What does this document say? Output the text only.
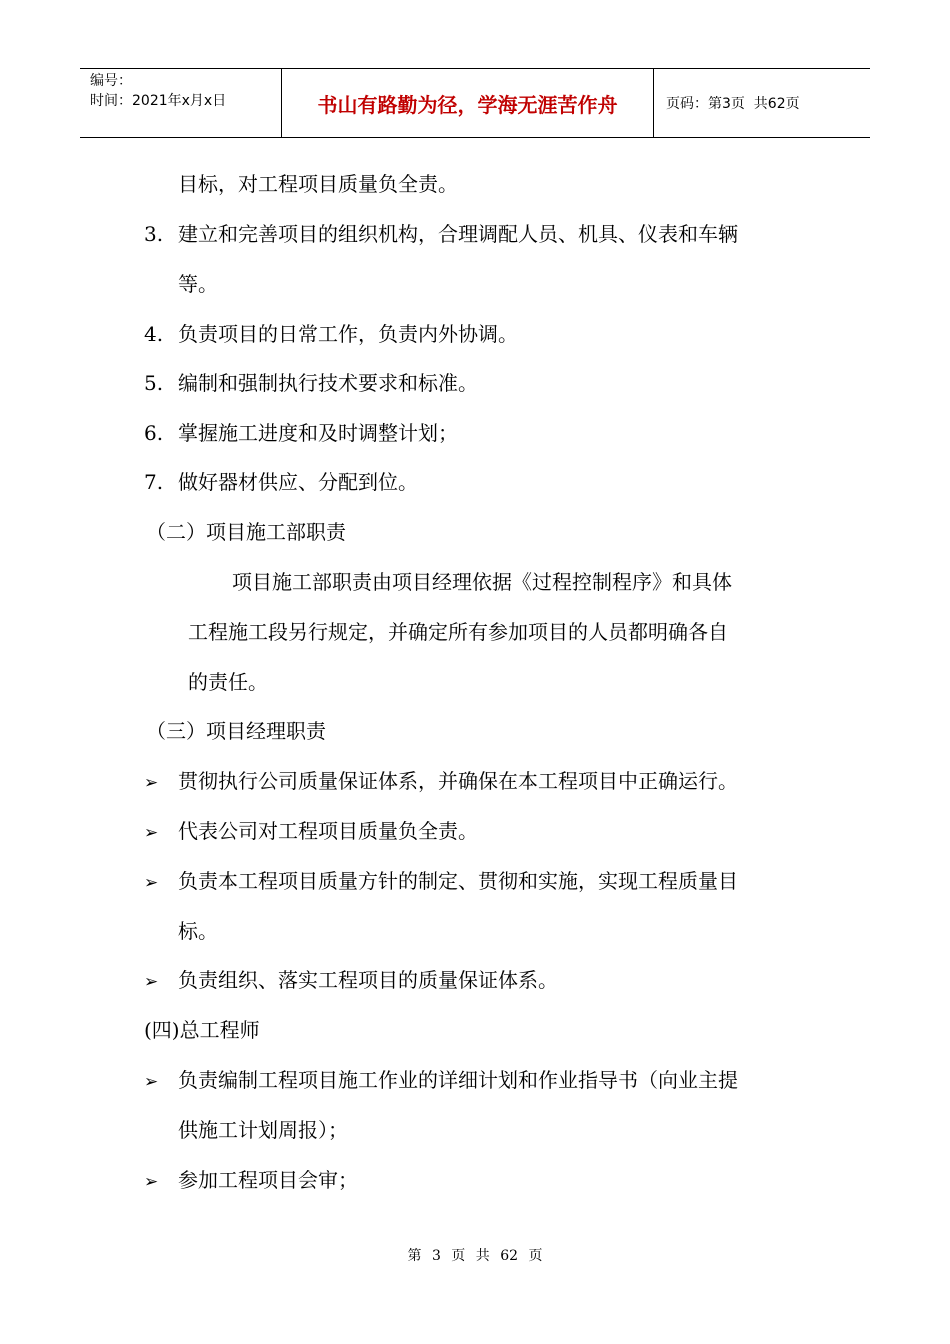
编号：
时间：2021年x月x日	书山有路勤为径，学海无涯苦作舟	页码：第3页  共62页
目标，对工程项目质量负全责。
3. 建立和完善项目的组织机构，合理调配人员、机具、仪表和车辆
等。
4. 负责项目的日常工作，负责内外协调。
5. 编制和强制执行技术要求和标准。
6. 掌握施工进度和及时调整计划；
7. 做好器材供应、分配到位。
（二）项目施工部职责
项目施工部职责由项目经理依据《过程控制程序》和具体
工程施工段另行规定，并确定所有参加项目的人员都明确各自
的责任。
（三）项目经理职责
➢ 贯彻执行公司质量保证体系，并确保在本工程项目中正确运行。
➢ 代表公司对工程项目质量负全责。
➢ 负责本工程项目质量方针的制定、贯彻和实施，实现工程质量目
标。
➢ 负责组织、落实工程项目的质量保证体系。
(四)总工程师
➢ 负责编制工程项目施工作业的详细计划和作业指导书（向业主提
供施工计划周报）；
➢ 参加工程项目会审；
第 3 页 共 62 页
